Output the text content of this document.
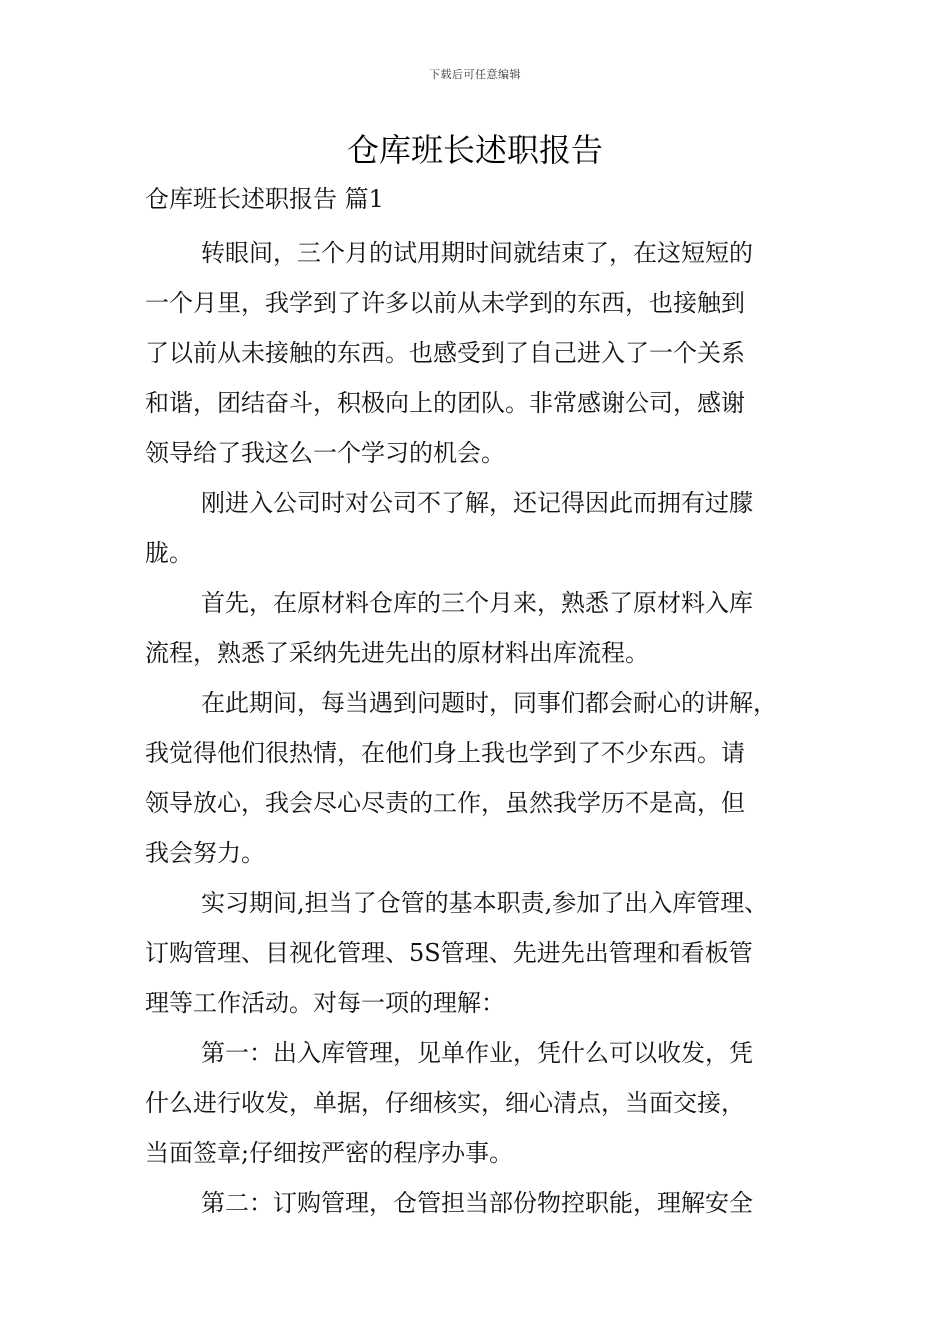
下载后可任意编辑
仓库班长述职报告
仓库班长述职报告 篇1
转眼间，三个月的试用期时间就结束了，在这短短的
一个月里，我学到了许多以前从未学到的东西，也接触到
了以前从未接触的东西。也感受到了自己进入了一个关系
和谐，团结奋斗，积极向上的团队。非常感谢公司，感谢
领导给了我这么一个学习的机会。
刚进入公司时对公司不了解，还记得因此而拥有过朦
胧。
首先，在原材料仓库的三个月来，熟悉了原材料入库
流程，熟悉了采纳先进先出的原材料出库流程。
在此期间，每当遇到问题时，同事们都会耐心的讲解，
我觉得他们很热情，在他们身上我也学到了不少东西。请
领导放心，我会尽心尽责的工作，虽然我学历不是高，但
我会努力。
实习期间,担当了仓管的基本职责,参加了出入库管理、
订购管理、目视化管理、5S管理、先进先出管理和看板管
理等工作活动。对每一项的理解：
第一：出入库管理，见单作业，凭什么可以收发，凭
什么进行收发，单据，仔细核实，细心清点，当面交接，
当面签章;仔细按严密的程序办事。
第二：订购管理，仓管担当部份物控职能，理解安全
